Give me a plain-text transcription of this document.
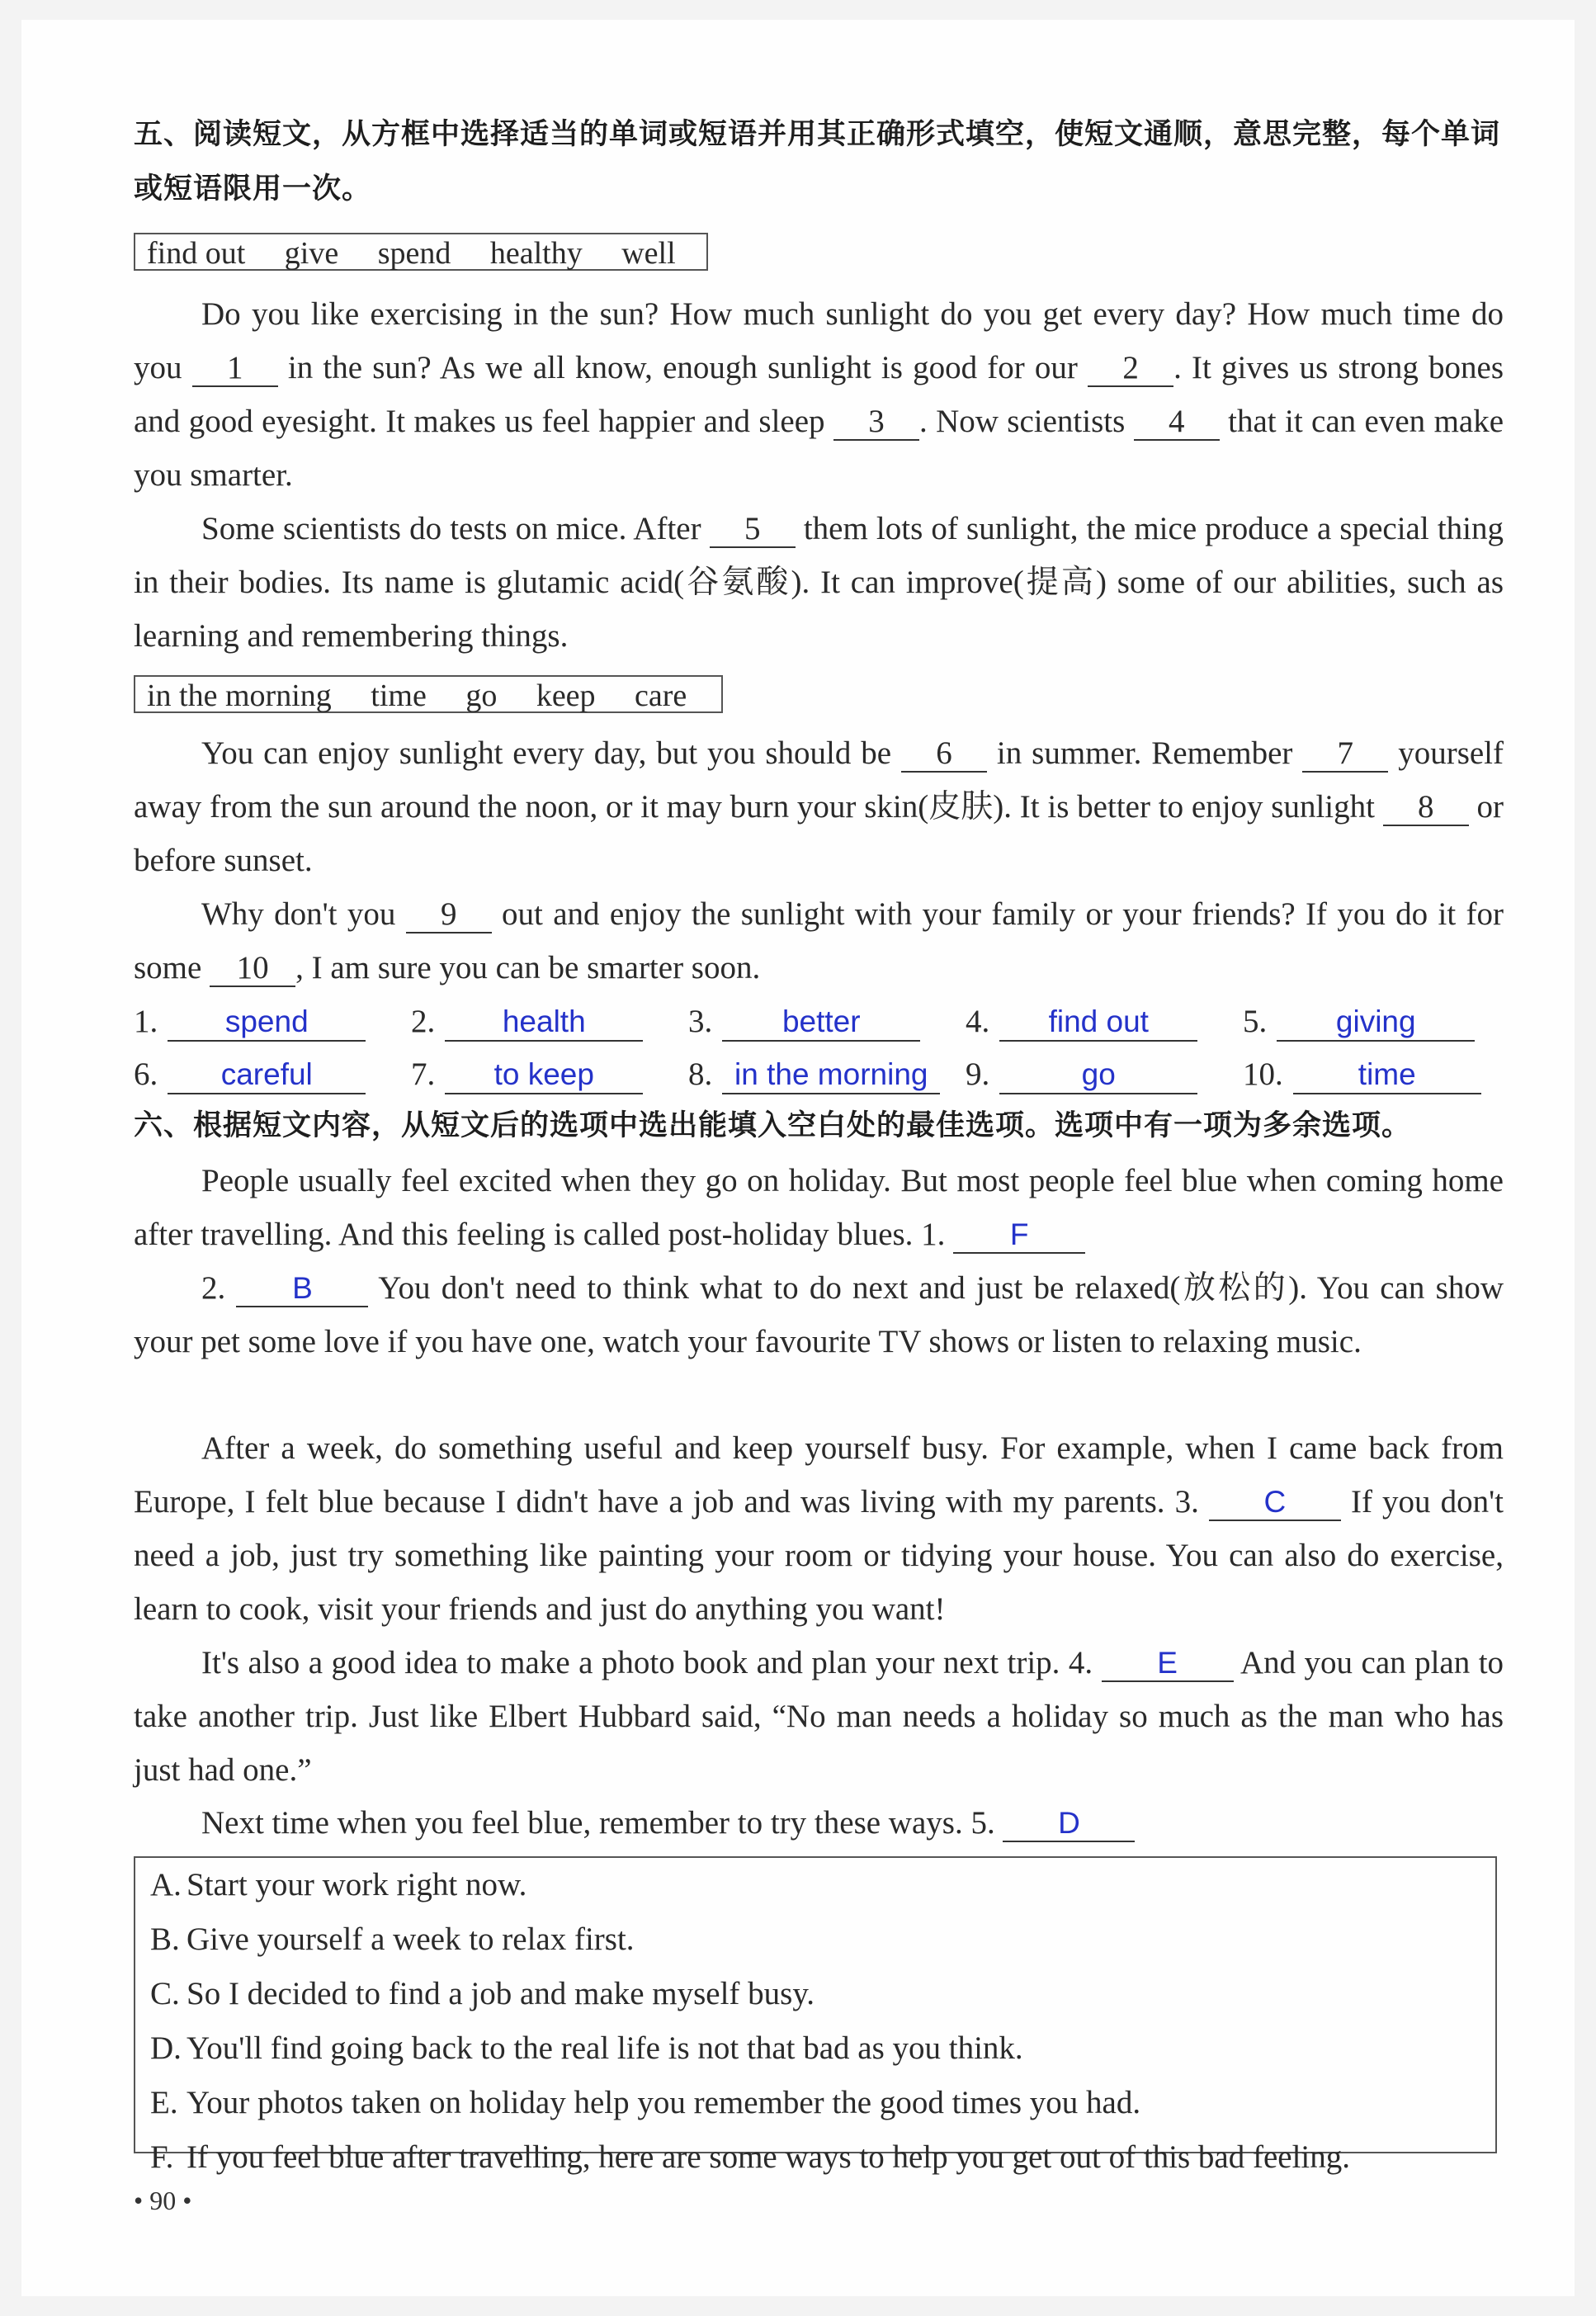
五、阅读短文，从方框中选择适当的单词或短语并用其正确形式填空，使短文通顺，意思完整，每个单词或短语限用一次。
find out give spend healthy well
Do you like exercising in the sun? How much sunlight do you get every day? How much time do you 1 in the sun? As we all know, enough sunlight is good for our 2 . It gives us strong bones and good eyesight. It makes us feel happier and sleep 3 . Now scientists 4 that it can even make you smarter.
Some scientists do tests on mice. After 5 them lots of sunlight, the mice produce a special thing in their bodies. Its name is glutamic acid(谷氨酸). It can improve(提高) some of our abilities, such as learning and remembering things.
in the morning time go keep care
You can enjoy sunlight every day, but you should be 6 in summer. Remember 7 yourself away from the sun around the noon, or it may burn your skin(皮肤). It is better to enjoy sunlight 8 or before sunset.
Why don't you 9 out and enjoy the sunlight with your family or your friends? If you do it for some 10 , I am sure you can be smarter soon.
1.	spend	2.	health	3.	better	4.	find out	5.	giving
6.	careful	7.	to keep	8. in the morning	9.	go	10.	time
六、根据短文内容，从短文后的选项中选出能填入空白处的最佳选项。选项中有一项为多余选项。
People usually feel excited when they go on holiday. But most people feel blue when coming home after travelling. And this feeling is called post-holiday blues. 1. F
2. B You don't need to think what to do next and just be relaxed(放松的). You can show your pet some love if you have one, watch your favourite TV shows or listen to relaxing music.
After a week, do something useful and keep yourself busy. For example, when I came back from Europe, I felt blue because I didn't have a job and was living with my parents. 3. C If you don't need a job, just try something like painting your room or tidying your house. You can also do exercise, learn to cook, visit your friends and just do anything you want!
It's also a good idea to make a photo book and plan your next trip. 4. E And you can plan to take another trip. Just like Elbert Hubbard said, “No man needs a holiday so much as the man who has just had one.”
Next time when you feel blue, remember to try these ways. 5. D
A. Start your work right now.
B. Give yourself a week to relax first.
C. So I decided to find a job and make myself busy.
D. You'll find going back to the real life is not that bad as you think.
E. Your photos taken on holiday help you remember the good times you had.
F. If you feel blue after travelling, here are some ways to help you get out of this bad feeling.
• 90 •
